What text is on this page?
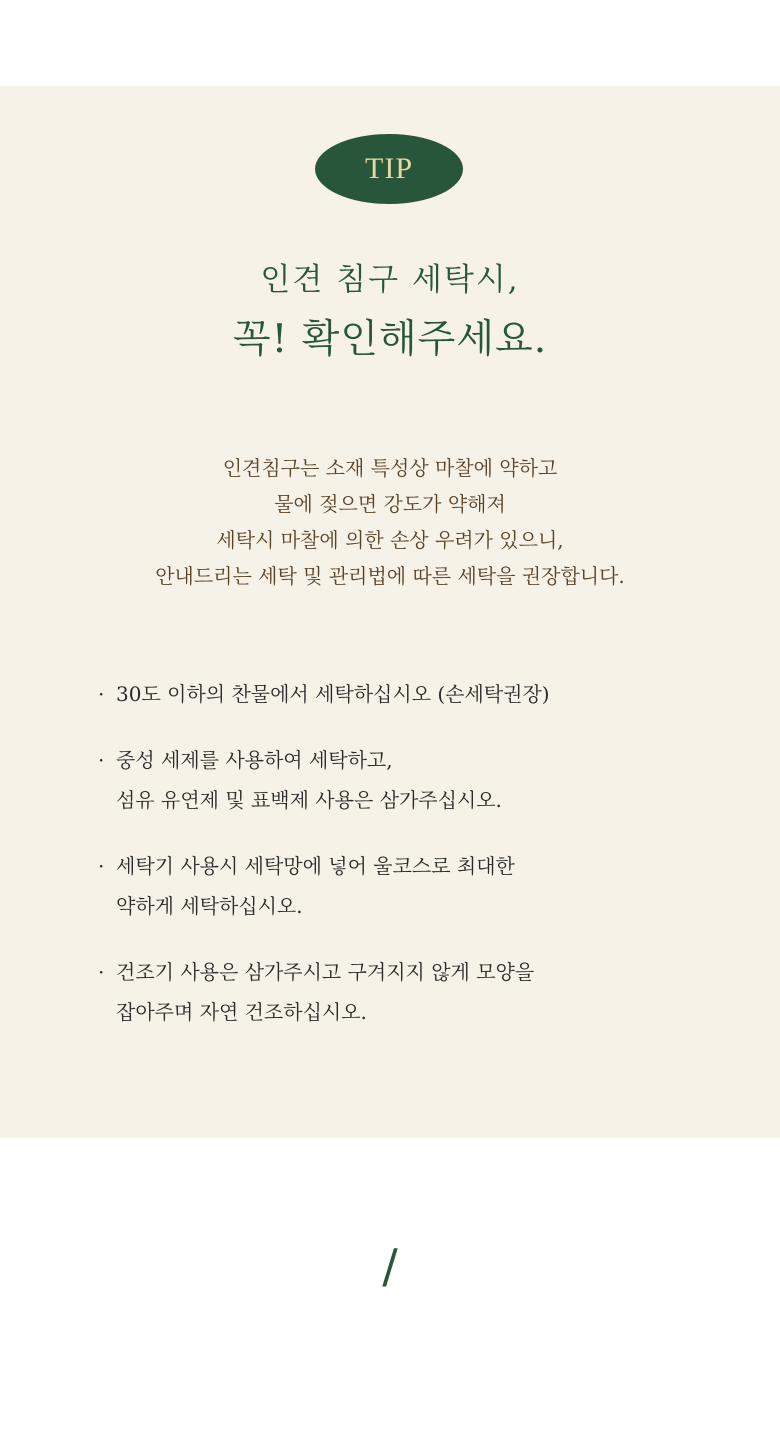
TIP
인견 침구 세탁시,
꼭! 확인해주세요.
인견침구는 소재 특성상 마찰에 약하고
물에 젖으면 강도가 약해져
세탁시 마찰에 의한 손상 우려가 있으니,
안내드리는 세탁 및 관리법에 따른 세탁을 권장합니다.
· 30도 이하의 찬물에서 세탁하십시오 (손세탁권장)
· 중성 세제를 사용하여 세탁하고,
섬유 유연제 및 표백제 사용은 삼가주십시오.
· 세탁기 사용시 세탁망에 넣어 울코스로 최대한
약하게 세탁하십시오.
· 건조기 사용은 삼가주시고 구겨지지 않게 모양을
잡아주며 자연 건조하십시오.
/
